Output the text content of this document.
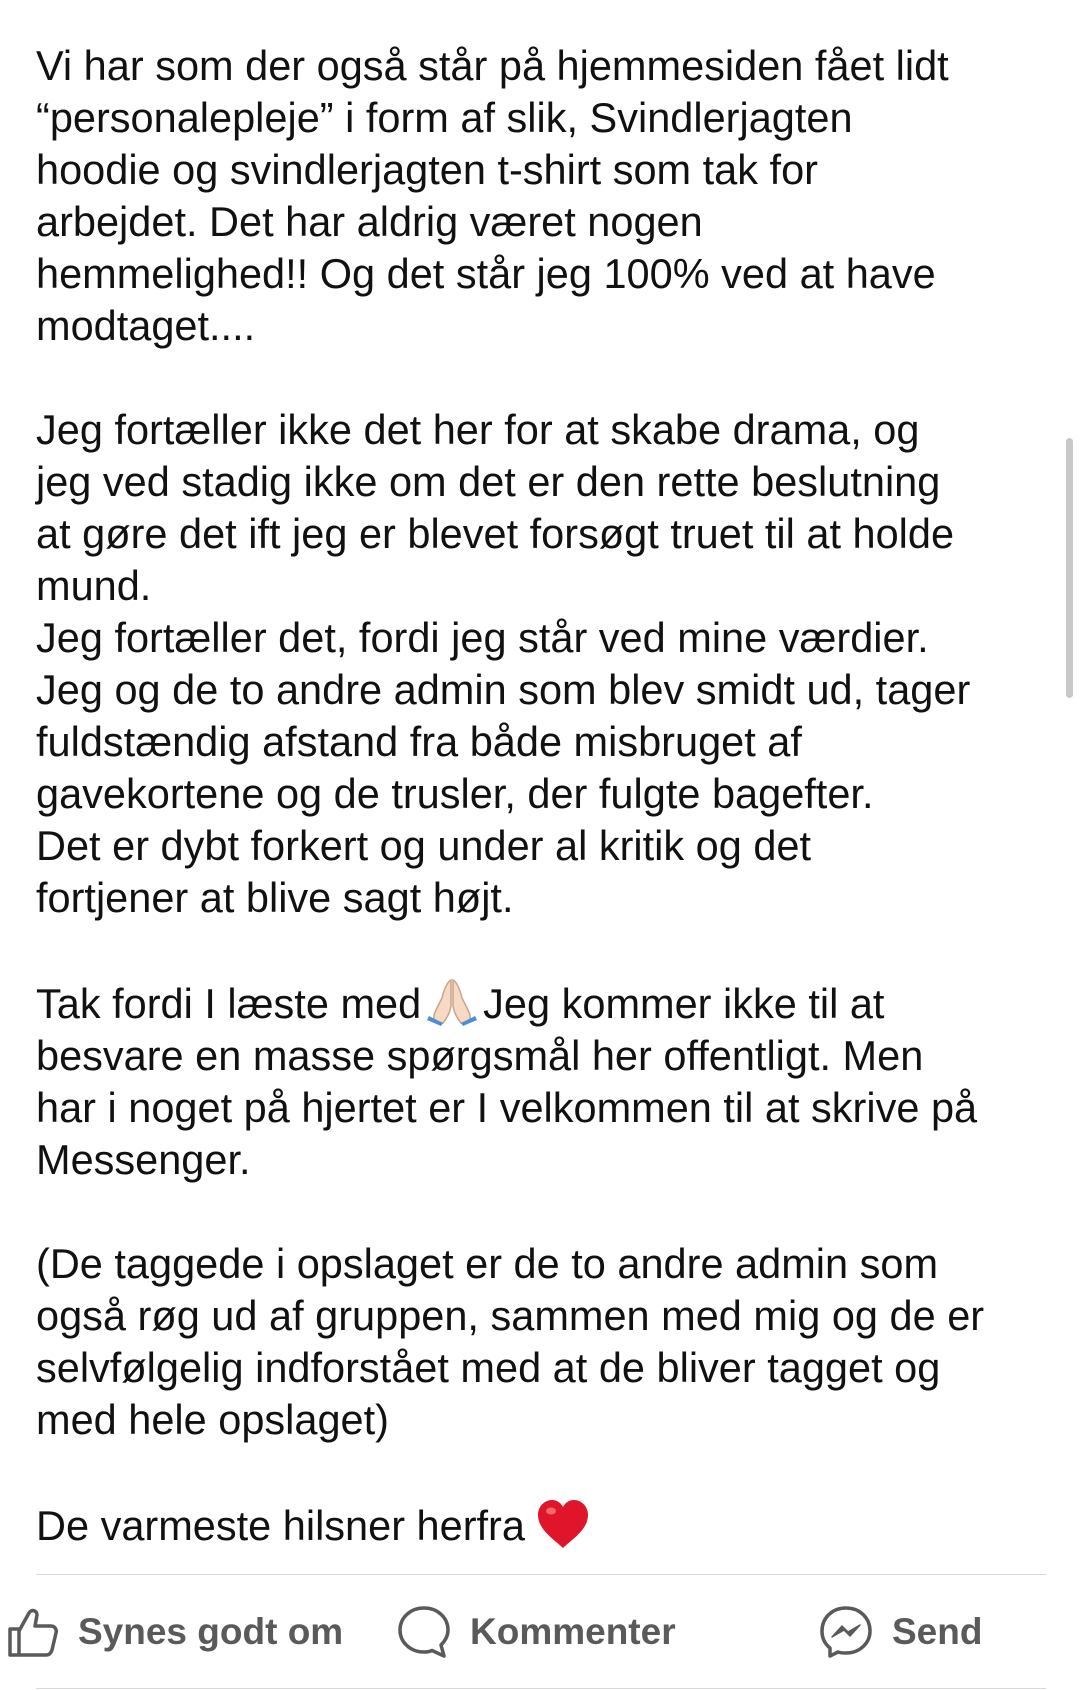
Vi har som der også står på hjemmesiden fået lidt
“personalepleje” i form af slik, Svindlerjagten
hoodie og svindlerjagten t-shirt som tak for
arbejdet. Det har aldrig været nogen
hemmelighed!! Og det står jeg 100% ved at have
modtaget....

Jeg fortæller ikke det her for at skabe drama, og
jeg ved stadig ikke om det er den rette beslutning
at gøre det ift jeg er blevet forsøgt truet til at holde
mund.
Jeg fortæller det, fordi jeg står ved mine værdier.
Jeg og de to andre admin som blev smidt ud, tager
fuldstændig afstand fra både misbruget af
gavekortene og de trusler, der fulgte bagefter.
Det er dybt forkert og under al kritik og det
fortjener at blive sagt højt.

Tak fordi I læste med Jeg kommer ikke til at
besvare en masse spørgsmål her offentligt. Men
har i noget på hjertet er I velkommen til at skrive på
Messenger.

(De taggede i opslaget er de to andre admin som
også røg ud af gruppen, sammen med mig og de er
selvfølgelig indforstået med at de bliver tagget og
med hele opslaget)

De varmeste hilsner herfra

Synes godt om	Kommenter	Send
